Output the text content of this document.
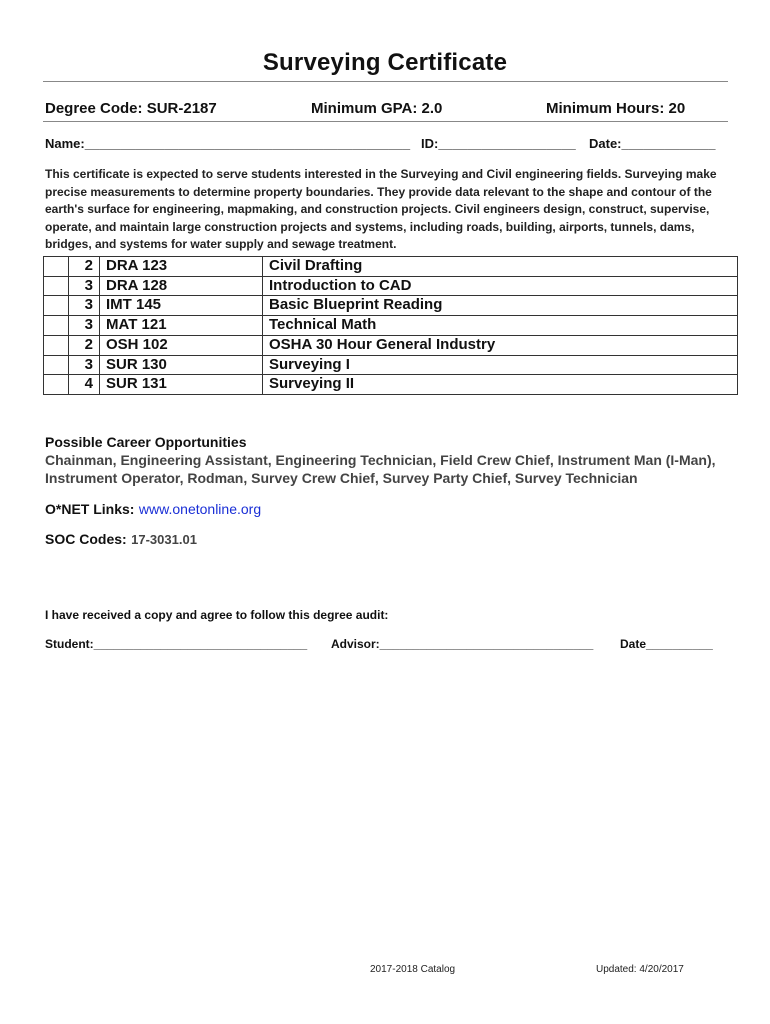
Surveying Certificate
Degree Code: SUR-2187	Minimum GPA: 2.0	Minimum Hours: 20
Name:_____________________________________________ ID:___________________ Date:_____________
This certificate is expected to serve students interested in the Surveying and Civil engineering fields. Surveying make precise measurements to determine property boundaries. They provide data relevant to the shape and contour of the earth's surface for engineering, mapmaking, and construction projects. Civil engineers design, construct, supervise, operate, and maintain large construction projects and systems, including roads, building, airports, tunnels, dams, bridges, and systems for water supply and sewage treatment.
	2	DRA 123	Civil Drafting
	3	DRA 128	Introduction to CAD
	3	IMT 145	Basic Blueprint Reading
	3	MAT 121	Technical Math
	2	OSH 102	OSHA 30 Hour General Industry
	3	SUR 130	Surveying I
	4	SUR 131	Surveying II
Possible Career Opportunities
Chainman, Engineering Assistant, Engineering Technician, Field Crew Chief, Instrument Man (I-Man), Instrument Operator, Rodman, Survey Crew Chief, Survey Party Chief, Survey Technician
O*NET Links: www.onetonline.org
SOC Codes: 17-3031.01
I have received a copy and agree to follow this degree audit:
Student:________________________________ Advisor:________________________________ Date__________
2017-2018 Catalog	Updated: 4/20/2017
